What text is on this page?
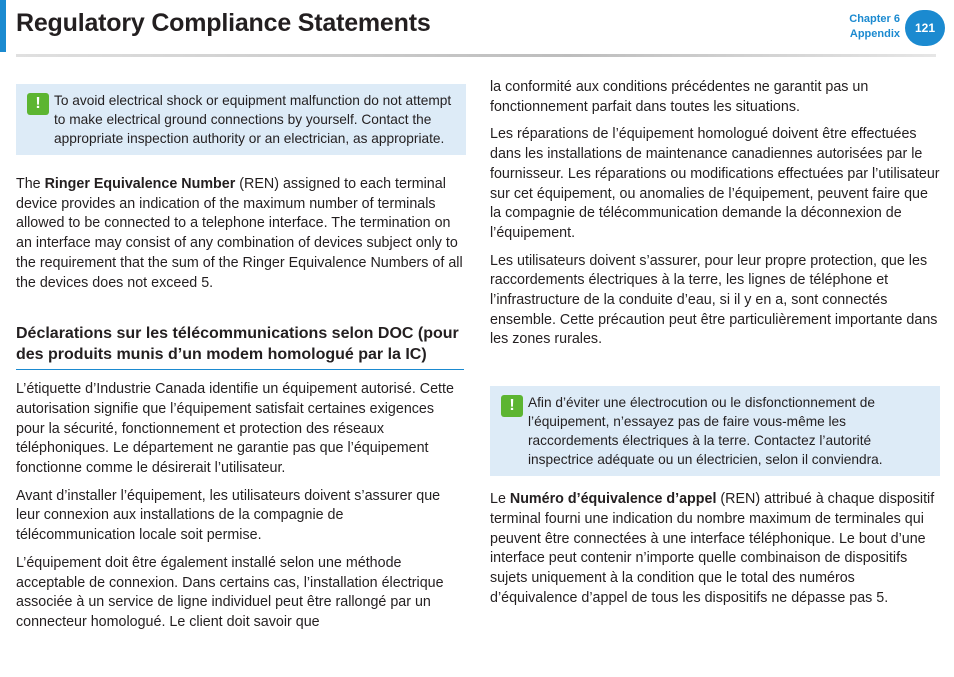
Regulatory Compliance Statements	Chapter 6
Appendix	121
! To avoid electrical shock or equipment malfunction do not attempt to make electrical ground connections by yourself. Contact the appropriate inspection authority or an electrician, as appropriate.

The Ringer Equivalence Number (REN) assigned to each terminal device provides an indication of the maximum number of terminals allowed to be connected to a telephone interface. The termination on an interface may consist of any combination of devices subject only to the requirement that the sum of the Ringer Equivalence Numbers of all the devices does not exceed 5.

Déclarations sur les télécommunications selon DOC (pour des produits munis d’un modem homologué par la IC)

L’étiquette d’Industrie Canada identifie un équipement autorisé. Cette autorisation signifie que l’équipement satisfait certaines exigences pour la sécurité, fonctionnement et protection des réseaux téléphoniques. Le département ne garantie pas que l’équipement fonctionne comme le désirerait l’utilisateur.

Avant d’installer l’équipement, les utilisateurs doivent s’assurer que leur connexion aux installations de la compagnie de télécommunication locale soit permise.

L’équipement doit être également installé selon une méthode acceptable de connexion. Dans certains cas, l’installation électrique associée à un service de ligne individuel peut être rallongé par un connecteur homologué. Le client doit savoir que

la conformité aux conditions précédentes ne garantit pas un fonctionnement parfait dans toutes les situations.

Les réparations de l’équipement homologué doivent être effectuées dans les installations de maintenance canadiennes autorisées par le fournisseur. Les réparations ou modifications effectuées par l’utilisateur sur cet équipement, ou anomalies de l’équipement, peuvent faire que la compagnie de télécommunication demande la déconnexion de l’équipement.

Les utilisateurs doivent s’assurer, pour leur propre protection, que les raccordements électriques à la terre, les lignes de téléphone et l’infrastructure de la conduite d’eau, si il y en a, sont connectés ensemble. Cette précaution peut être particulièrement importante dans les zones rurales.

! Afin d’éviter une électrocution ou le disfonctionnement de l’équipement, n’essayez pas de faire vous-même les raccordements électriques à la terre. Contactez l’autorité inspectrice adéquate ou un électricien, selon il conviendra.

Le Numéro d’équivalence d’appel (REN) attribué à chaque dispositif terminal fourni une indication du nombre maximum de terminales qui peuvent être connectées à une interface téléphonique. Le bout d’une interface peut contenir n’importe quelle combinaison de dispositifs sujets uniquement à la condition que le total des numéros d’équivalence d’appel de tous les dispositifs ne dépasse pas 5.
